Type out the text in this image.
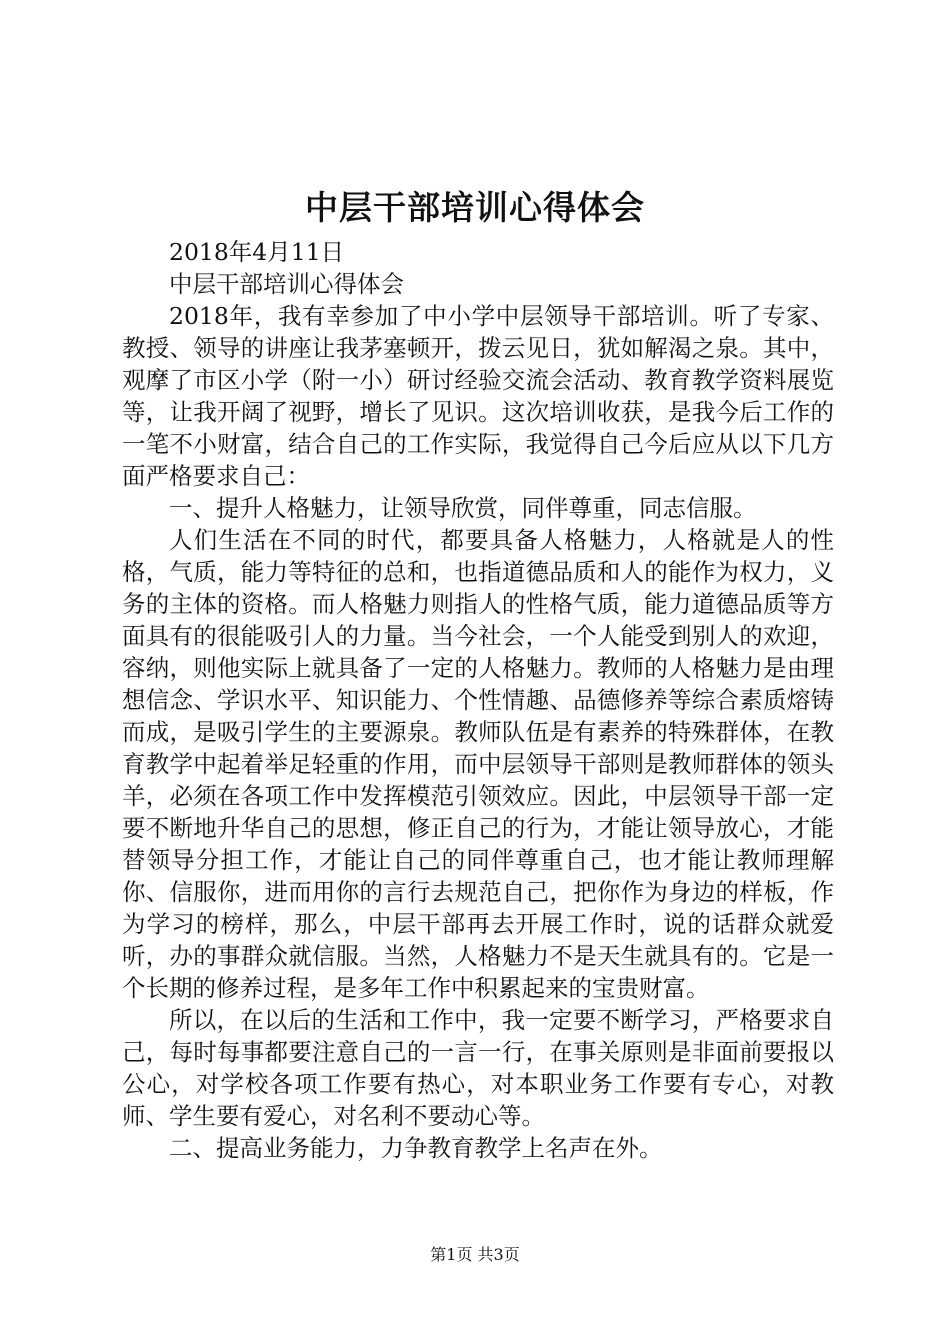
中层干部培训心得体会

2018年4月11日

中层干部培训心得体会

2018年，我有幸参加了中小学中层领导干部培训。听了专家、教授、领导的讲座让我茅塞顿开，拨云见日，犹如解渴之泉。其中，观摩了市区小学（附一小）研讨经验交流会活动、教育教学资料展览等，让我开阔了视野，增长了见识。这次培训收获，是我今后工作的一笔不小财富，结合自己的工作实际，我觉得自己今后应从以下几方面严格要求自己：

一、提升人格魅力，让领导欣赏，同伴尊重，同志信服。

人们生活在不同的时代，都要具备人格魅力，人格就是人的性格，气质，能力等特征的总和，也指道德品质和人的能作为权力，义务的主体的资格。而人格魅力则指人的性格气质，能力道德品质等方面具有的很能吸引人的力量。当今社会，一个人能受到别人的欢迎，容纳，则他实际上就具备了一定的人格魅力。教师的人格魅力是由理想信念、学识水平、知识能力、个性情趣、品德修养等综合素质熔铸而成，是吸引学生的主要源泉。教师队伍是有素养的特殊群体，在教育教学中起着举足轻重的作用，而中层领导干部则是教师群体的领头羊，必须在各项工作中发挥模范引领效应。因此，中层领导干部一定要不断地升华自己的思想，修正自己的行为，才能让领导放心，才能替领导分担工作，才能让自己的同伴尊重自己，也才能让教师理解你、信服你，进而用你的言行去规范自己，把你作为身边的样板，作为学习的榜样，那么，中层干部再去开展工作时，说的话群众就爱听，办的事群众就信服。当然，人格魅力不是天生就具有的。它是一个长期的修养过程，是多年工作中积累起来的宝贵财富。

所以，在以后的生活和工作中，我一定要不断学习，严格要求自己，每时每事都要注意自己的一言一行，在事关原则是非面前要报以公心，对学校各项工作要有热心，对本职业务工作要有专心，对教师、学生要有爱心，对名利不要动心等。

二、提高业务能力，力争教育教学上名声在外。

第1页 共3页
